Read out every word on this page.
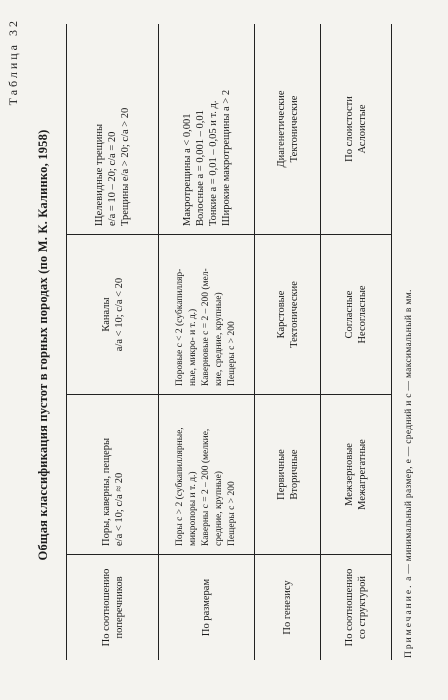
Таблица 32
Общая классификация пустот в горных породах (по М. К. Калинко, 1958)
По соотношению поперечников
Поры, каверны, пещеры e/a < 10; c/a ≈ 20
Каналы a/a < 10; c/a < 20
Щелевидные трещины e/a = 10 – 20; c/a = 20 Трещины e/a > 20; c/a > 20
По размерам
Поры c > 2 (субкапиллярные, микропоры и т. д.) Каверны c = 2 – 200 (мелкие, средние, крупные) Пещеры c > 200
Поровые c < 2 (субкапилляр- ные, микро- и т. д.) Каверновые c = 2 – 200 (мел- кие, средние, крупные) Пещеры c > 200
Макротрещины a < 0,001 Волосные a = 0,001 – 0,01 Тонкие a = 0,01 – 0,05 и т. д. Широкие макротрещины a > 2
По генезису
Первичные Вторичные
Карстовые Тектонические
Диагенетические Тектонические
По соотношению со структурой
Межзерновые Межагрегатные
Согласные Несогласные
По слоистости Аслоистые
Примечание. a — минимальный размер, e — средний и c — максимальный в мм.
